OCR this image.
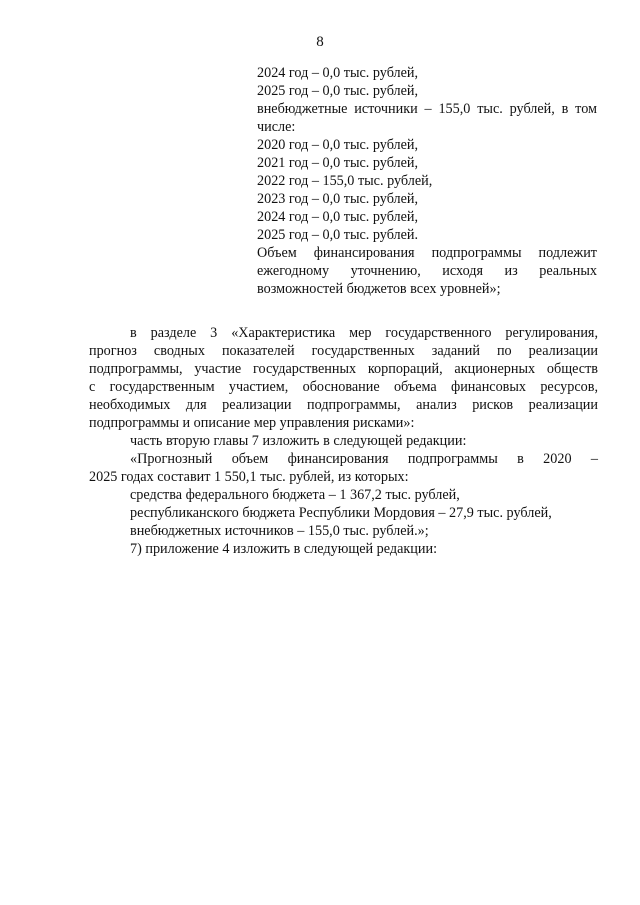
8
2024 год – 0,0 тыс. рублей,
2025 год – 0,0 тыс. рублей,
внебюджетные источники – 155,0 тыс. рублей, в том
числе:
2020 год – 0,0 тыс. рублей,
2021 год – 0,0 тыс. рублей,
2022 год – 155,0 тыс. рублей,
2023 год – 0,0 тыс. рублей,
2024 год – 0,0 тыс. рублей,
2025 год – 0,0 тыс. рублей.
Объем финансирования подпрограммы подлежит
ежегодному уточнению, исходя из реальных
возможностей бюджетов всех уровней»;
в разделе 3 «Характеристика мер государственного регулирования,
прогноз сводных показателей государственных заданий по реализации
подпрограммы, участие государственных корпораций, акционерных обществ
с государственным участием, обоснование объема финансовых ресурсов,
необходимых для реализации подпрограммы, анализ рисков реализации
подпрограммы и описание мер управления рисками»:
часть вторую главы 7 изложить в следующей редакции:
«Прогнозный объем финансирования подпрограммы в 2020 –
2025 годах составит 1 550,1 тыс. рублей, из которых:
средства федерального бюджета – 1 367,2 тыс. рублей,
республиканского бюджета Республики Мордовия – 27,9 тыс. рублей,
внебюджетных источников – 155,0 тыс. рублей.»;
7) приложение 4 изложить в следующей редакции:
